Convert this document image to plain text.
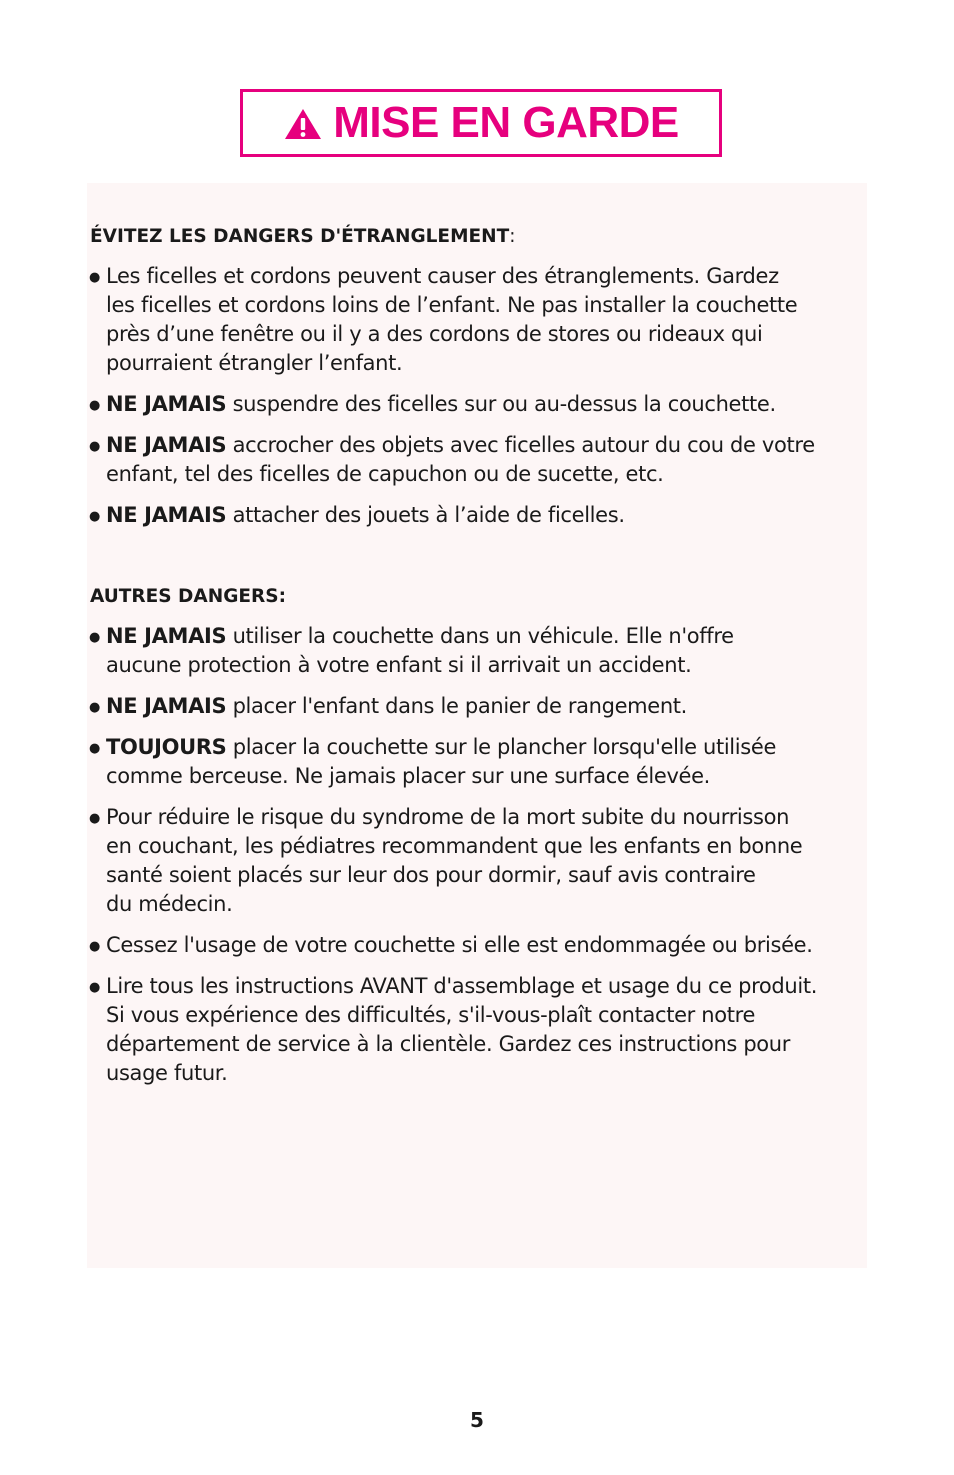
MISE EN GARDE
ÉVITEZ LES DANGERS D'ÉTRANGLEMENT:
● Les ficelles et cordons peuvent causer des étranglements. Gardez
les ficelles et cordons loins de l’enfant. Ne pas installer la couchette
près d’une fenêtre ou il y a des cordons de stores ou rideaux qui
pourraient étrangler l’enfant.
● NE JAMAIS suspendre des ficelles sur ou au-dessus la couchette.
● NE JAMAIS accrocher des objets avec ficelles autour du cou de votre
enfant, tel des ficelles de capuchon ou de sucette, etc.
● NE JAMAIS attacher des jouets à l’aide de ficelles.
AUTRES DANGERS:
● NE JAMAIS utiliser la couchette dans un véhicule. Elle n'offre
aucune protection à votre enfant si il arrivait un accident.
● NE JAMAIS placer l'enfant dans le panier de rangement.
● TOUJOURS placer la couchette sur le plancher lorsqu'elle utilisée
comme berceuse. Ne jamais placer sur une surface élevée.
● Pour réduire le risque du syndrome de la mort subite du nourrisson
en couchant, les pédiatres recommandent que les enfants en bonne
santé soient placés sur leur dos pour dormir, sauf avis contraire
du médecin.
● Cessez l'usage de votre couchette si elle est endommagée ou brisée.
● Lire tous les instructions AVANT d'assemblage et usage du ce produit.
Si vous expérience des difficultés, s'il-vous-plaît contacter notre
département de service à la clientèle. Gardez ces instructions pour
usage futur.
5
